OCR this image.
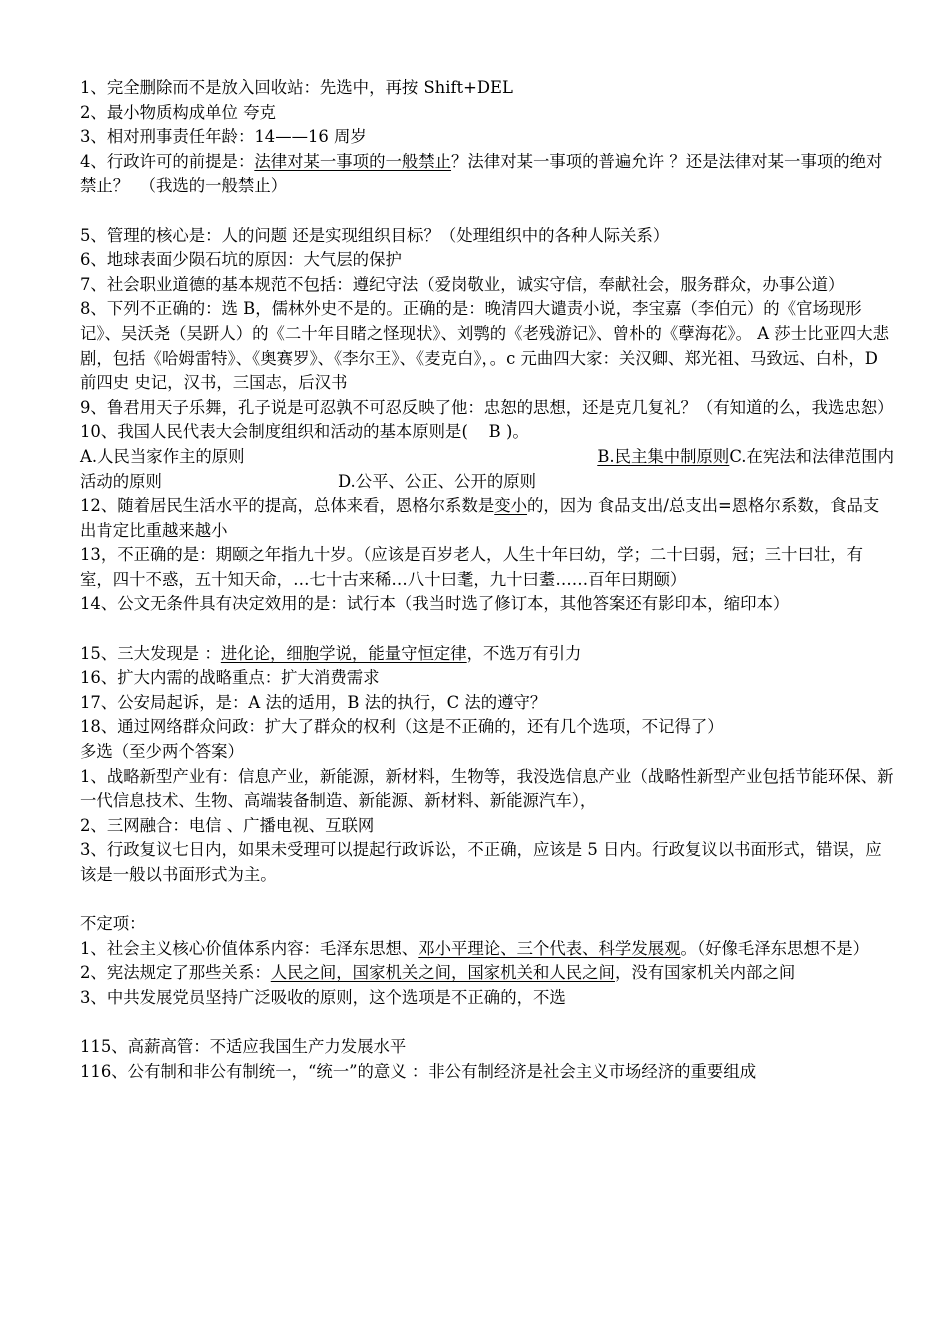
1、完全删除而不是放入回收站：先选中，再按 Shift+DEL

2、最小物质构成单位 夸克

3、相对刑事责任年龄：14——16 周岁

4、行政许可的前提是：法律对某一事项的一般禁止？法律对某一事项的普遍允许 ？还是法律对某一事项的绝对禁止？  （我选的一般禁止）

5、管理的核心是：人的问题 还是实现组织目标？（处理组织中的各种人际关系）

6、地球表面少陨石坑的原因：大气层的保护

7、社会职业道德的基本规范不包括：遵纪守法（爱岗敬业，诚实守信，奉献社会，服务群众，办事公道）

8、下列不正确的：选 B，儒林外史不是的。正确的是：晚清四大谴责小说，李宝嘉（李伯元）的《官场现形记》、吴沃尧（吴趼人）的《二十年目睹之怪现状》、刘鹗的《老残游记》、曾朴的《孽海花》。 A 莎士比亚四大悲剧，包括《哈姆雷特》、《奥赛罗》、《李尔王》、《麦克白》，。c 元曲四大家：关汉卿、郑光祖、马致远、白朴，D 前四史 史记，汉书，三国志，后汉书

9、鲁君用天子乐舞，孔子说是可忍孰不可忍反映了他：忠恕的思想，还是克几复礼？（有知道的么，我选忠恕）

10、我国人民代表大会制度组织和活动的基本原则是(    B )。

A.人民当家作主的原则	B.民主集中制原则C.在宪法和法律范围内

活动的原则	D.公平、公正、公开的原则

12、随着居民生活水平的提高，总体来看，恩格尔系数是变小的，因为 食品支出/总支出=恩格尔系数，食品支出肯定比重越来越小

13，不正确的是：期颐之年指九十岁。（应该是百岁老人，人生十年曰幼，学；二十曰弱，冠；三十曰壮，有室，四十不惑，五十知天命，…七十古来稀…八十曰耄，九十曰耋……百年曰期颐）

14、公文无条件具有决定效用的是：试行本（我当时选了修订本，其他答案还有影印本，缩印本）

15、三大发现是 ：进化论，细胞学说，能量守恒定律，不选万有引力

16、扩大内需的战略重点：扩大消费需求

17、公安局起诉，是：A 法的适用，B 法的执行，C 法的遵守？

18、通过网络群众问政：扩大了群众的权利（这是不正确的，还有几个选项，不记得了）

多选（至少两个答案）

1、战略新型产业有：信息产业，新能源，新材料，生物等，我没选信息产业（战略性新型产业包括节能环保、新一代信息技术、生物、高端装备制造、新能源、新材料、新能源汽车），

2、三网融合：电信 、广播电视、互联网

3、行政复议七日内，如果未受理可以提起行政诉讼，不正确，应该是 5 日内。行政复议以书面形式，错误，应该是一般以书面形式为主。

不定项：

1、社会主义核心价值体系内容：毛泽东思想、邓小平理论、三个代表、科学发展观。（好像毛泽东思想不是）

2、宪法规定了那些关系：人民之间，国家机关之间，国家机关和人民之间，没有国家机关内部之间

3、中共发展党员坚持广泛吸收的原则，这个选项是不正确的，不选

115、高薪高管：不适应我国生产力发展水平

116、公有制和非公有制统一，“统一”的意义 ：非公有制经济是社会主义市场经济的重要组成
